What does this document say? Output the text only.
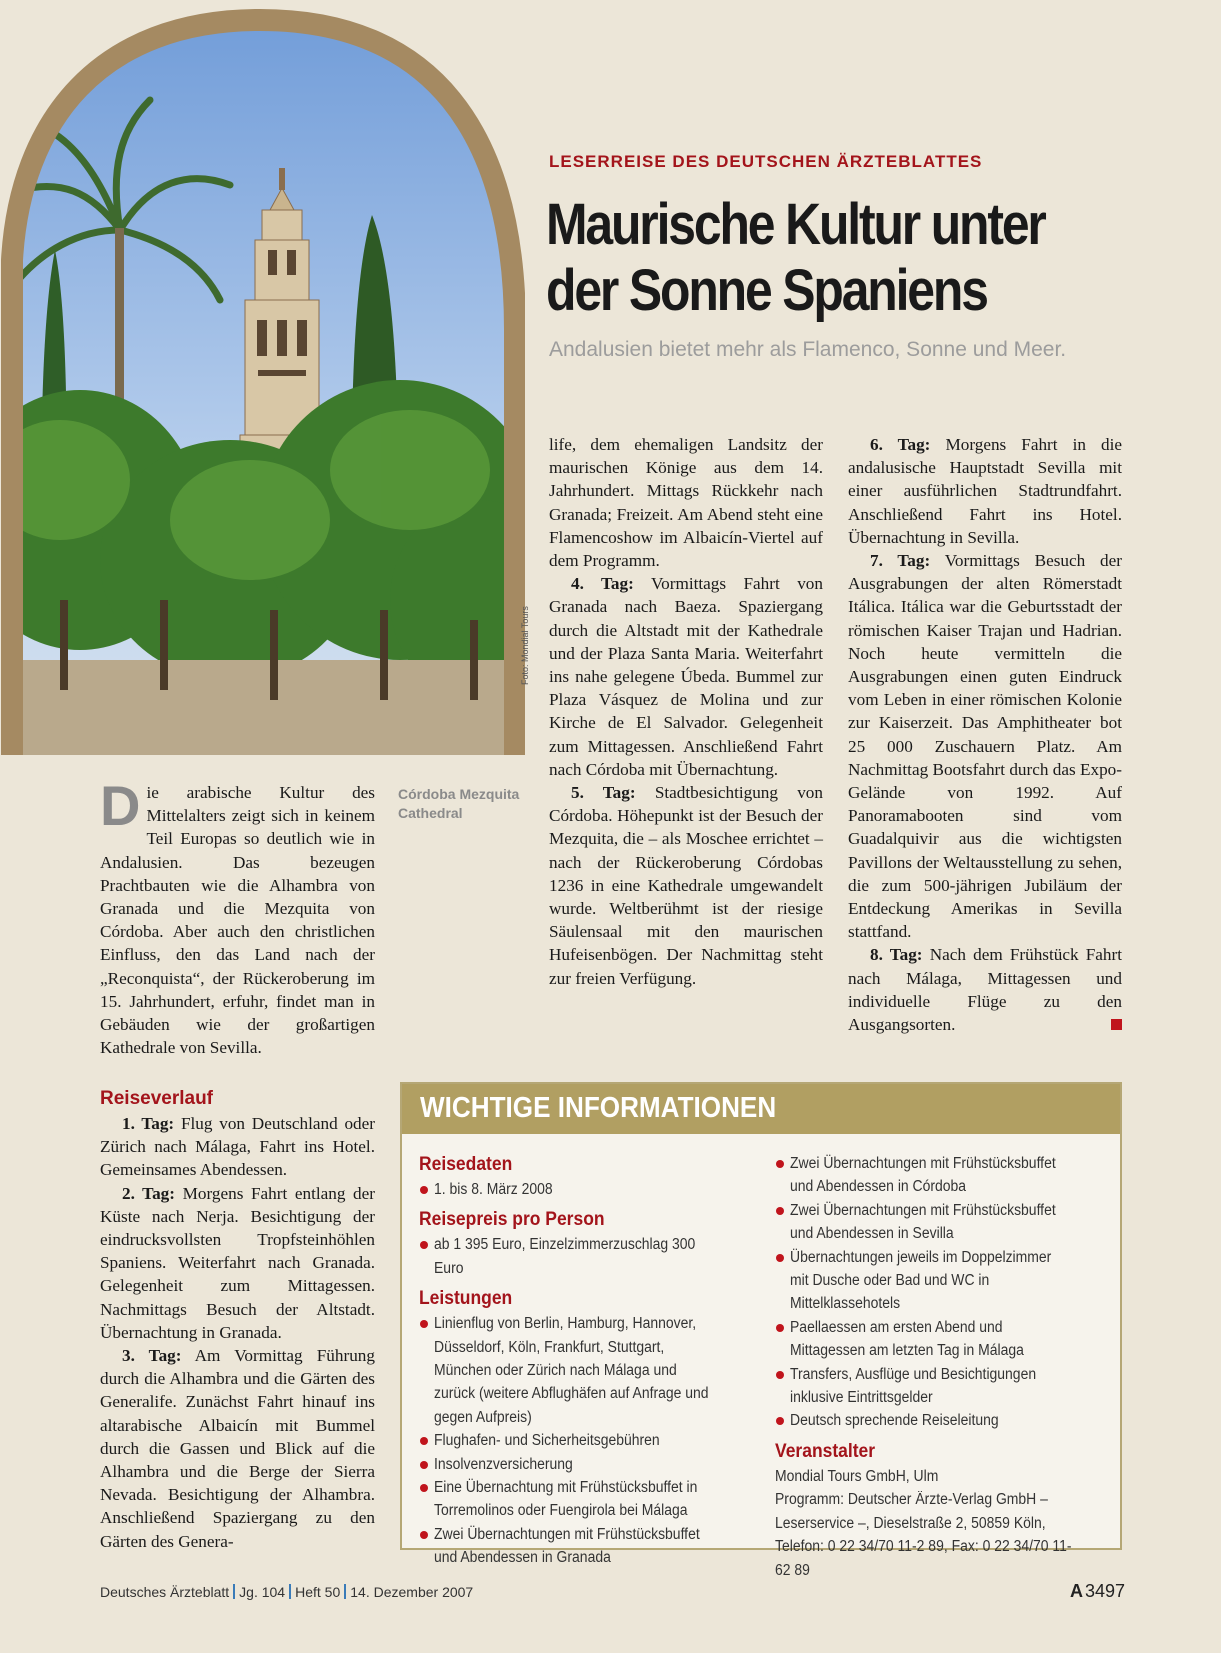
Foto: Mondial Tours
LESERREISE DES DEUTSCHEN ÄRZTEBLATTES
Maurische Kultur unter
der Sonne Spaniens
Andalusien bietet mehr als Flamenco, Sonne und Meer.

Die arabische Kultur des Mittelalters zeigt sich in keinem Teil Europas so deutlich wie in Andalusien. Das bezeugen Prachtbauten wie die Alhambra von Granada und die Mezquita von Córdoba. Aber auch den christlichen Einfluss, den das Land nach der „Reconquista“, der Rückeroberung im 15. Jahrhundert, erfuhr, findet man in Gebäuden wie der großartigen Kathedrale von Sevilla.

Córdoba Mezquita Cathedral
Reiseverlauf

1. Tag: Flug von Deutschland oder Zürich nach Málaga, Fahrt ins Hotel. Gemeinsames Abendessen.

2. Tag: Morgens Fahrt entlang der Küste nach Nerja. Besichtigung der eindrucksvollsten Tropfsteinhöhlen Spaniens. Weiterfahrt nach Granada. Gelegenheit zum Mittagessen. Nachmittags Besuch der Altstadt. Übernachtung in Granada.

3. Tag: Am Vormittag Führung durch die Alhambra und die Gärten des Generalife. Zunächst Fahrt hinauf ins altarabische Albaicín mit Bummel durch die Gassen und Blick auf die Alhambra und die Berge der Sierra Nevada. Besichtigung der Alhambra. Anschließend Spaziergang zu den Gärten des Genera-

life, dem ehemaligen Landsitz der maurischen Könige aus dem 14. Jahrhundert. Mittags Rückkehr nach Granada; Freizeit. Am Abend steht eine Flamencoshow im Albaicín-Viertel auf dem Programm.

4. Tag: Vormittags Fahrt von Granada nach Baeza. Spaziergang durch die Altstadt mit der Kathedrale und der Plaza Santa Maria. Weiterfahrt ins nahe gelegene Úbeda. Bummel zur Plaza Vásquez de Molina und zur Kirche de El Salvador. Gelegenheit zum Mittagessen. Anschließend Fahrt nach Córdoba mit Übernachtung.

5. Tag: Stadtbesichtigung von Córdoba. Höhepunkt ist der Besuch der Mezquita, die – als Moschee errichtet – nach der Rückeroberung Córdobas 1236 in eine Kathedrale umgewandelt wurde. Weltberühmt ist der riesige Säulensaal mit den maurischen Hufeisenbögen. Der Nachmittag steht zur freien Verfügung.

6. Tag: Morgens Fahrt in die andalusische Hauptstadt Sevilla mit einer ausführlichen Stadtrundfahrt. Anschließend Fahrt ins Hotel. Übernachtung in Sevilla.

7. Tag: Vormittags Besuch der Ausgrabungen der alten Römerstadt Itálica. Itálica war die Geburtsstadt der römischen Kaiser Trajan und Hadrian. Noch heute vermitteln die Ausgrabungen einen guten Eindruck vom Leben in einer römischen Kolonie zur Kaiserzeit. Das Amphitheater bot 25 000 Zuschauern Platz. Am Nachmittag Bootsfahrt durch das Expo-Gelände von 1992. Auf Panoramabooten sind vom Guadalquivir aus die wichtigsten Pavillons der Weltausstellung zu sehen, die zum 500-jährigen Jubiläum der Entdeckung Amerikas in Sevilla stattfand.

8. Tag: Nach dem Frühstück Fahrt nach Málaga, Mittagessen und individuelle Flüge zu den Ausgangsorten.

WICHTIGE INFORMATIONEN
Reisedaten
1. bis 8. März 2008
Reisepreis pro Person
ab 1 395 Euro, Einzelzimmerzuschlag 300 Euro
Leistungen
Linienflug von Berlin, Hamburg, Hannover, Düsseldorf, Köln, Frankfurt, Stuttgart, München oder Zürich nach Málaga und zurück (weitere Abflughäfen auf Anfrage und gegen Aufpreis)
Flughafen- und Sicherheitsgebühren
Insolvenzversicherung
Eine Übernachtung mit Frühstücksbuffet in Torremolinos oder Fuengirola bei Málaga
Zwei Übernachtungen mit Frühstücksbuffet und Abendessen in Granada
Zwei Übernachtungen mit Frühstücksbuffet und Abendessen in Córdoba
Zwei Übernachtungen mit Frühstücksbuffet und Abendessen in Sevilla
Übernachtungen jeweils im Doppelzimmer mit Dusche oder Bad und WC in Mittelklassehotels
Paellaessen am ersten Abend und Mittagessen am letzten Tag in Málaga
Transfers, Ausflüge und Besichtigungen inklusive Eintrittsgelder
Deutsch sprechende Reiseleitung
Veranstalter
Mondial Tours GmbH, Ulm
Programm: Deutscher Ärzte-Verlag GmbH – Leserservice –, Dieselstraße 2, 50859 Köln, Telefon: 0 22 34/70 11-2 89, Fax: 0 22 34/70 11-62 89
Deutsches Ärzteblatt Jg. 104 Heft 50 14. Dezember 2007	A 3497
